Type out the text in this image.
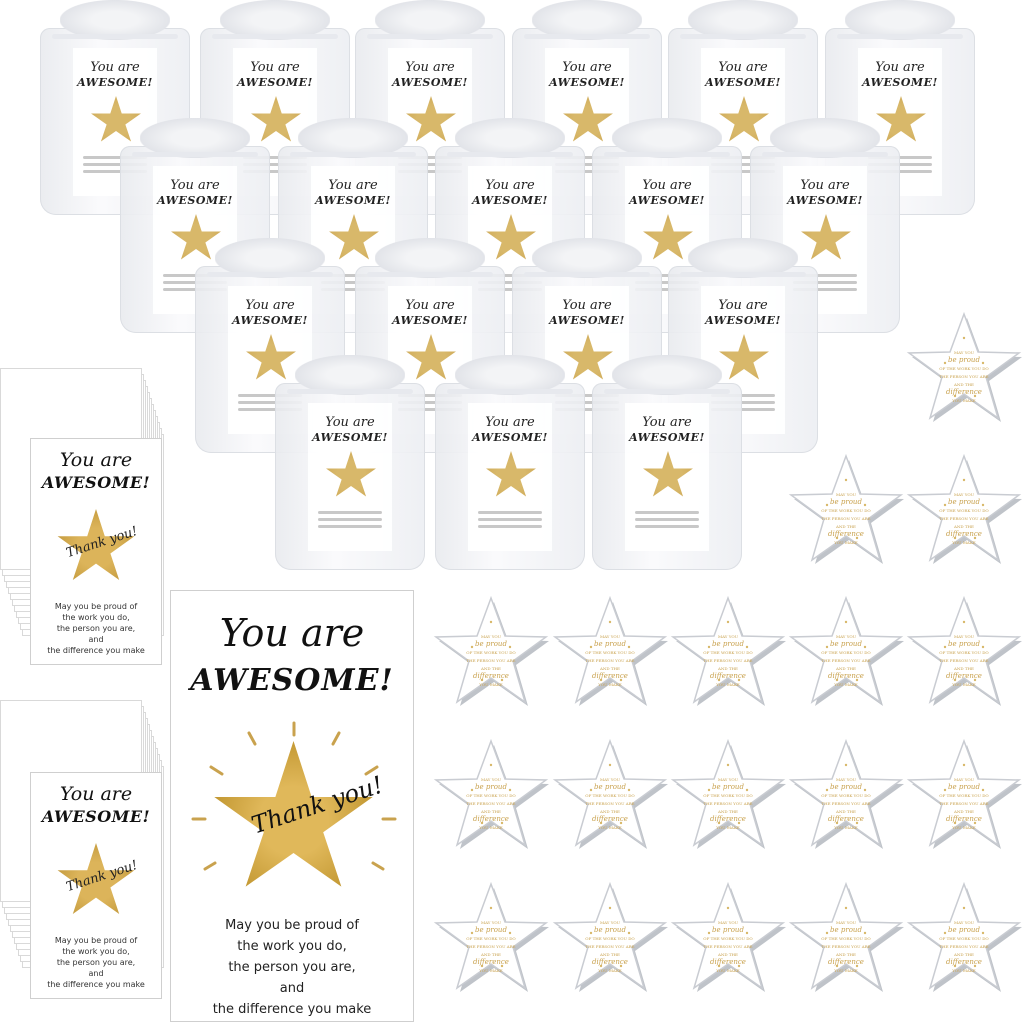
You are
AWESOME!
You are
AWESOME!
You are
AWESOME!
You are
AWESOME!
You are
AWESOME!
You are
AWESOME!
You are
AWESOME!
You are
AWESOME!
You are
AWESOME!
You are
AWESOME!
You are
AWESOME!
You are
AWESOME!
You are
AWESOME!
You are
AWESOME!
You are
AWESOME!
You are
AWESOME!
You are
AWESOME!
You are
AWESOME!
You are
AWESOME!
Thank you!
May you be proud of
the work you do,
the person you are,
and
the difference you make
You are
AWESOME!
Thank you!
May you be proud of
the work you do,
the person you are,
and
the difference you make
You are
AWESOME!
Thank you!
May you be proud of
the work you do,
the person you are,
and
the difference you make
MAY YOU
be proud
OF THE WORK YOU DO
THE PERSON YOU ARE
AND THE
difference
YOU MAKE
MAY YOU
be proud
OF THE WORK YOU DO
THE PERSON YOU ARE
AND THE
difference
YOU MAKE
MAY YOU
be proud
OF THE WORK YOU DO
THE PERSON YOU ARE
AND THE
difference
YOU MAKE
MAY YOU
be proud
OF THE WORK YOU DO
THE PERSON YOU ARE
AND THE
difference
YOU MAKE
MAY YOU
be proud
OF THE WORK YOU DO
THE PERSON YOU ARE
AND THE
difference
YOU MAKE
MAY YOU
be proud
OF THE WORK YOU DO
THE PERSON YOU ARE
AND THE
difference
YOU MAKE
MAY YOU
be proud
OF THE WORK YOU DO
THE PERSON YOU ARE
AND THE
difference
YOU MAKE
MAY YOU
be proud
OF THE WORK YOU DO
THE PERSON YOU ARE
AND THE
difference
YOU MAKE
MAY YOU
be proud
OF THE WORK YOU DO
THE PERSON YOU ARE
AND THE
difference
YOU MAKE
MAY YOU
be proud
OF THE WORK YOU DO
THE PERSON YOU ARE
AND THE
difference
YOU MAKE
MAY YOU
be proud
OF THE WORK YOU DO
THE PERSON YOU ARE
AND THE
difference
YOU MAKE
MAY YOU
be proud
OF THE WORK YOU DO
THE PERSON YOU ARE
AND THE
difference
YOU MAKE
MAY YOU
be proud
OF THE WORK YOU DO
THE PERSON YOU ARE
AND THE
difference
YOU MAKE
MAY YOU
be proud
OF THE WORK YOU DO
THE PERSON YOU ARE
AND THE
difference
YOU MAKE
MAY YOU
be proud
OF THE WORK YOU DO
THE PERSON YOU ARE
AND THE
difference
YOU MAKE
MAY YOU
be proud
OF THE WORK YOU DO
THE PERSON YOU ARE
AND THE
difference
YOU MAKE
MAY YOU
be proud
OF THE WORK YOU DO
THE PERSON YOU ARE
AND THE
difference
YOU MAKE
MAY YOU
be proud
OF THE WORK YOU DO
THE PERSON YOU ARE
AND THE
difference
YOU MAKE
